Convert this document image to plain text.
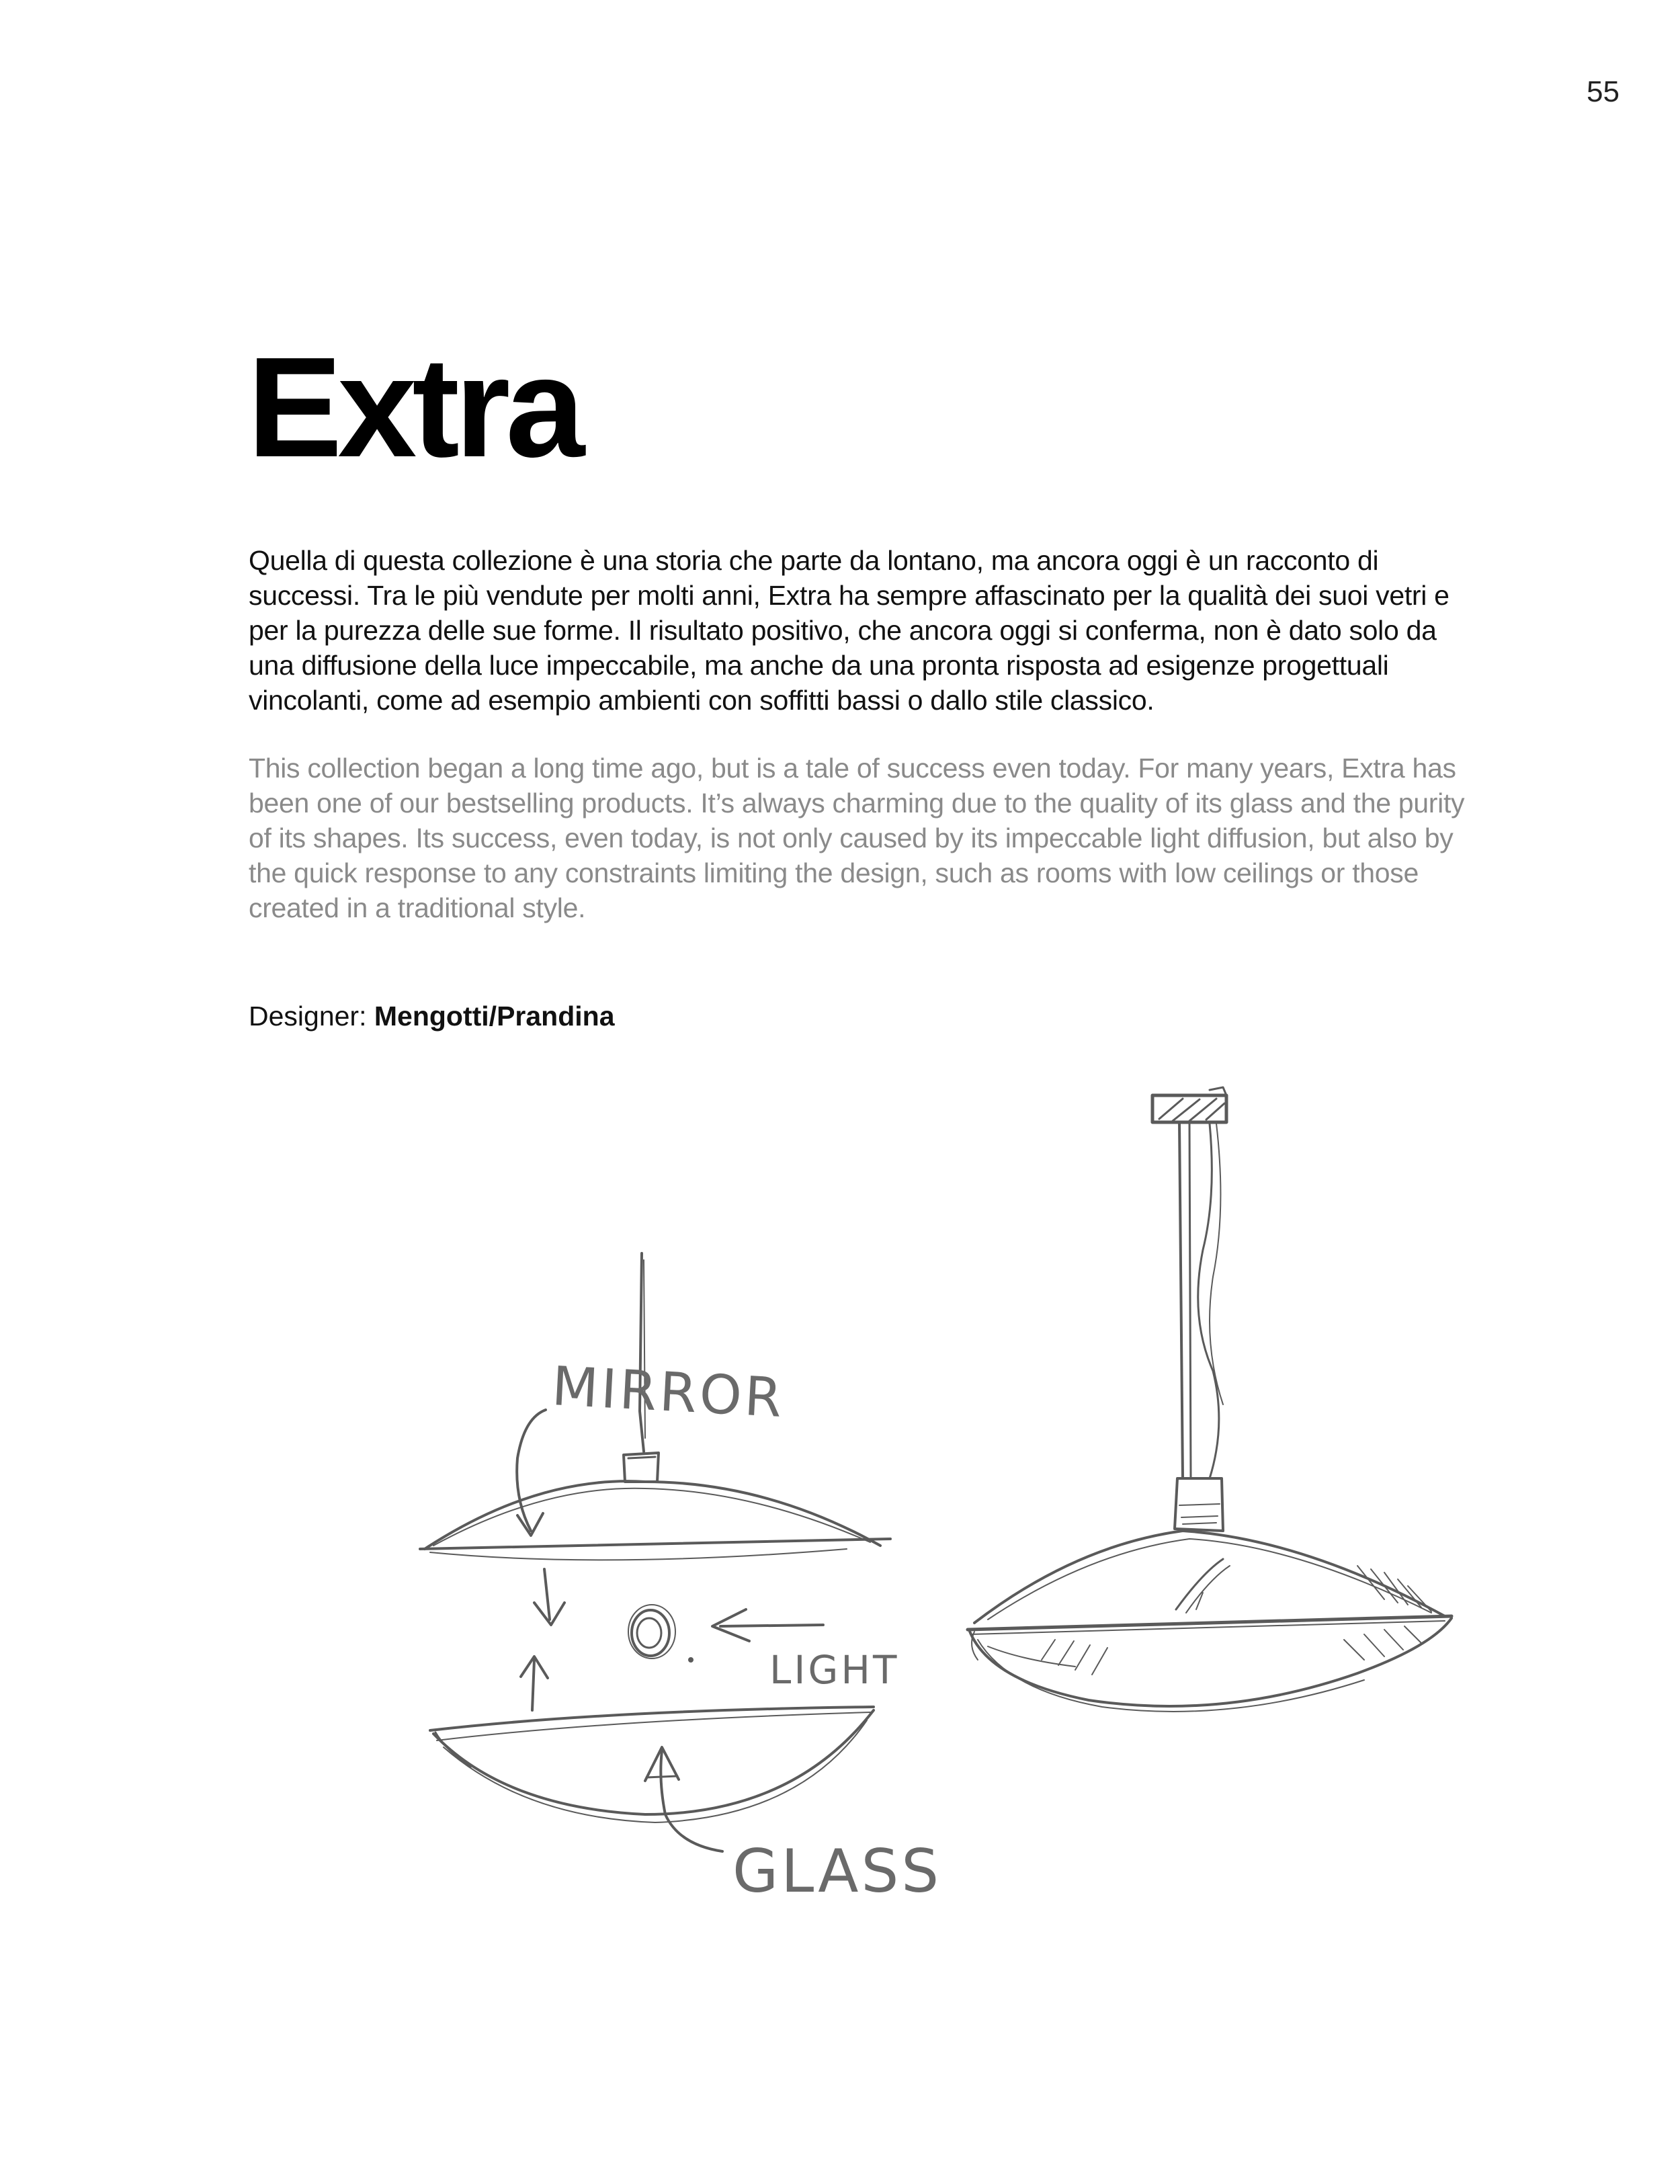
55
Extra

Quella di questa collezione è una storia che parte da lontano, ma ancora oggi è un racconto di successi. Tra le più vendute per molti anni, Extra ha sempre affascinato per la qualità dei suoi vetri e per la purezza delle sue forme. Il risultato positivo, che ancora oggi si conferma, non è dato solo da una diffusione della luce impeccabile, ma anche da una pronta risposta ad esigenze progettuali vincolanti, come ad esempio ambienti con soffitti bassi o dallo stile classico.

This collection began a long time ago, but is a tale of success even today. For many years, Extra has been one of our bestselling products. It’s always charming due to the quality of its glass and the purity of its shapes. Its success, even today, is not only caused by its impeccable light diffusion, but also by the quick response to any constraints limiting the design, such as rooms with low ceilings or those created in a traditional style.

Designer: Mengotti/Prandina
MIRROR
LIGHT
GLASS
